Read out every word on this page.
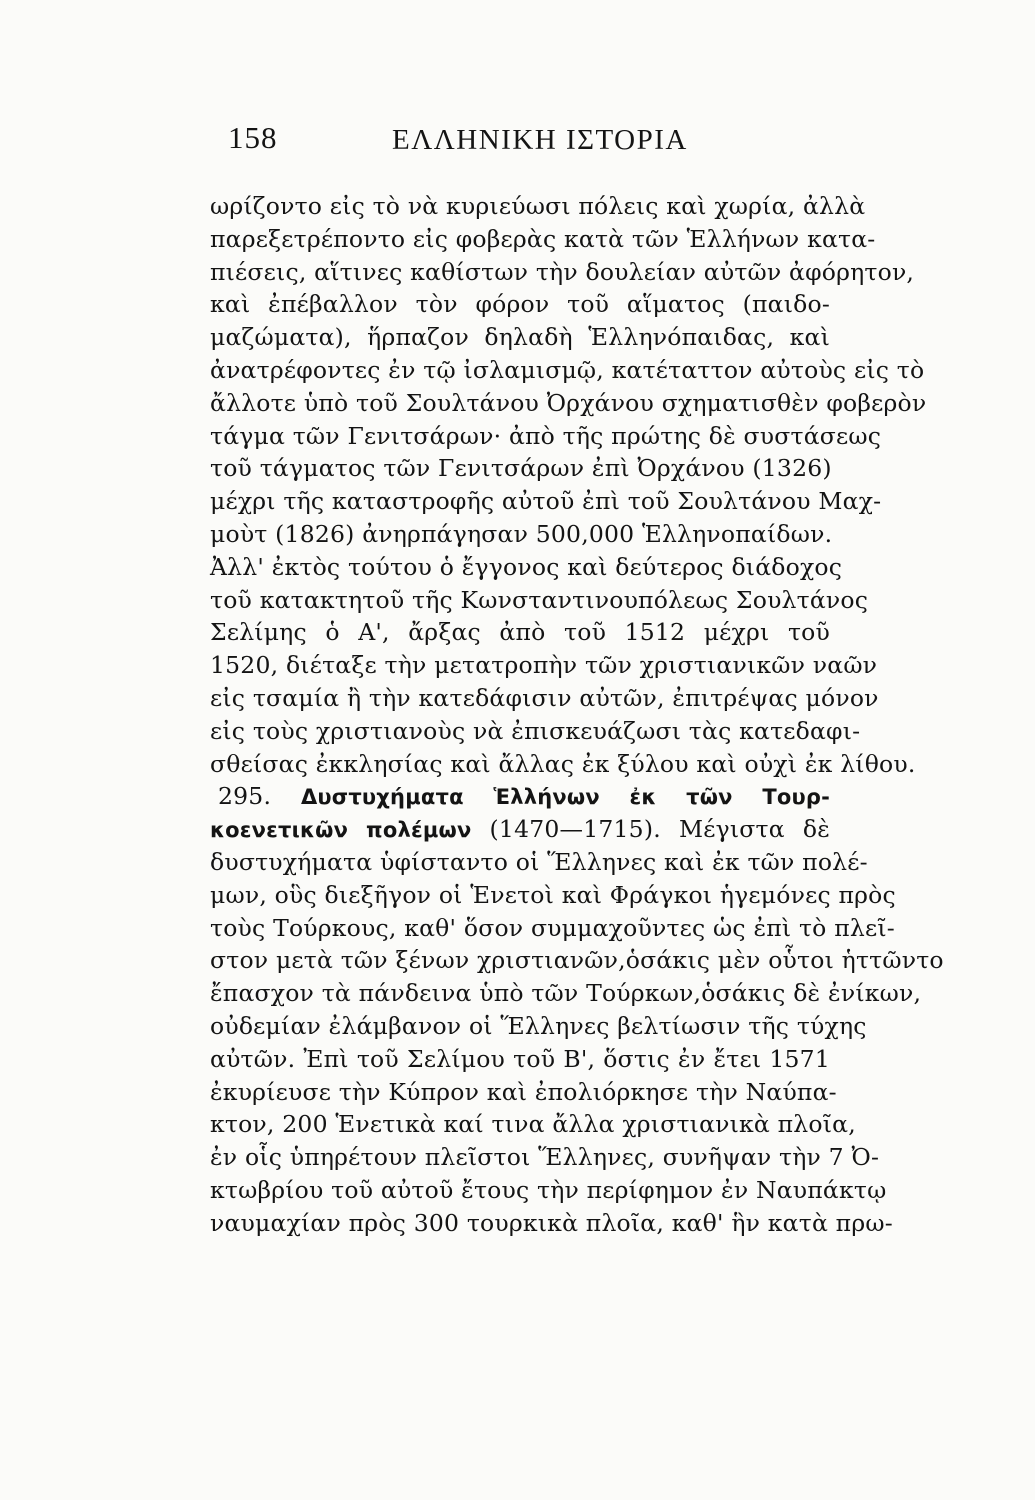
158	ΕΛΛΗΝΙΚΗ ΙΣΤΟΡΙΑ
ωρίζοντο εἰς τὸ νὰ κυριεύωσι πόλεις καὶ χωρία, ἀλλὰ
παρεξετρέποντο εἰς φοβερὰς κατὰ τῶν Ἑλλήνων κατα-
πιέσεις, αἵτινες καθίστων τὴν δουλείαν αὐτῶν ἀφόρητον,
καὶ ἐπέβαλλον τὸν φόρον τοῦ αἵματος (παιδο-
μαζώματα), ἥρπαζον δηλαδὴ Ἑλληνόπαιδας, καὶ
ἀνατρέφοντες ἐν τῷ ἰσλαμισμῷ, κατέταττον αὐτοὺς εἰς τὸ
ἄλλοτε ὑπὸ τοῦ Σουλτάνου Ὀρχάνου σχηματισθὲν φοβερὸν
τάγμα τῶν Γενιτσάρων· ἀπὸ τῆς πρώτης δὲ συστάσεως
τοῦ τάγματος τῶν Γενιτσάρων ἐπὶ Ὀρχάνου (1326)
μέχρι τῆς καταστροφῆς αὐτοῦ ἐπὶ τοῦ Σουλτάνου Μαχ-
μοὺτ (1826) ἀνηρπάγησαν 500,000 Ἑλληνοπαίδων.
Ἀλλ' ἐκτὸς τούτου ὁ ἔγγονος καὶ δεύτερος διάδοχος
τοῦ κατακτητοῦ τῆς Κωνσταντινουπόλεως Σουλτάνος
Σελίμης ὁ Α', ἄρξας ἀπὸ τοῦ 1512 μέχρι τοῦ
1520, διέταξε τὴν μετατροπὴν τῶν χριστιανικῶν ναῶν
εἰς τσαμία ἢ τὴν κατεδάφισιν αὐτῶν, ἐπιτρέψας μόνον
εἰς τοὺς χριστιανοὺς νὰ ἐπισκευάζωσι τὰς κατεδαφι-
σθείσας ἐκκλησίας καὶ ἄλλας ἐκ ξύλου καὶ οὐχὶ ἐκ λίθου.
295. Δυστυχήματα Ἑλλήνων ἐκ τῶν Τουρ-
κοενετικῶν πολέμων (1470—1715). Μέγιστα δὲ
δυστυχήματα ὑφίσταντο οἱ Ἕλληνες καὶ ἐκ τῶν πολέ-
μων, οὓς διεξῆγον οἱ Ἑνετοὶ καὶ Φράγκοι ἡγεμόνες πρὸς
τοὺς Τούρκους, καθ' ὅσον συμμαχοῦντες ὡς ἐπὶ τὸ πλεῖ-
στον μετὰ τῶν ξένων χριστιανῶν,ὁσάκις μὲν οὗτοι ἡττῶντο
ἔπασχον τὰ πάνδεινα ὑπὸ τῶν Τούρκων,ὁσάκις δὲ ἐνίκων,
οὐδεμίαν ἐλάμβανον οἱ Ἕλληνες βελτίωσιν τῆς τύχης
αὐτῶν. Ἐπὶ τοῦ Σελίμου τοῦ Β', ὅστις ἐν ἔτει 1571
ἐκυρίευσε τὴν Κύπρον καὶ ἐπολιόρκησε τὴν Ναύπα-
κτον, 200 Ἑνετικὰ καί τινα ἄλλα χριστιανικὰ πλοῖα,
ἐν οἷς ὑπηρέτουν πλεῖστοι Ἕλληνες, συνῆψαν τὴν 7 Ὀ-
κτωβρίου τοῦ αὐτοῦ ἔτους τὴν περίφημον ἐν Ναυπάκτῳ
ναυμαχίαν πρὸς 300 τουρκικὰ πλοῖα, καθ' ἣν κατὰ πρω-
